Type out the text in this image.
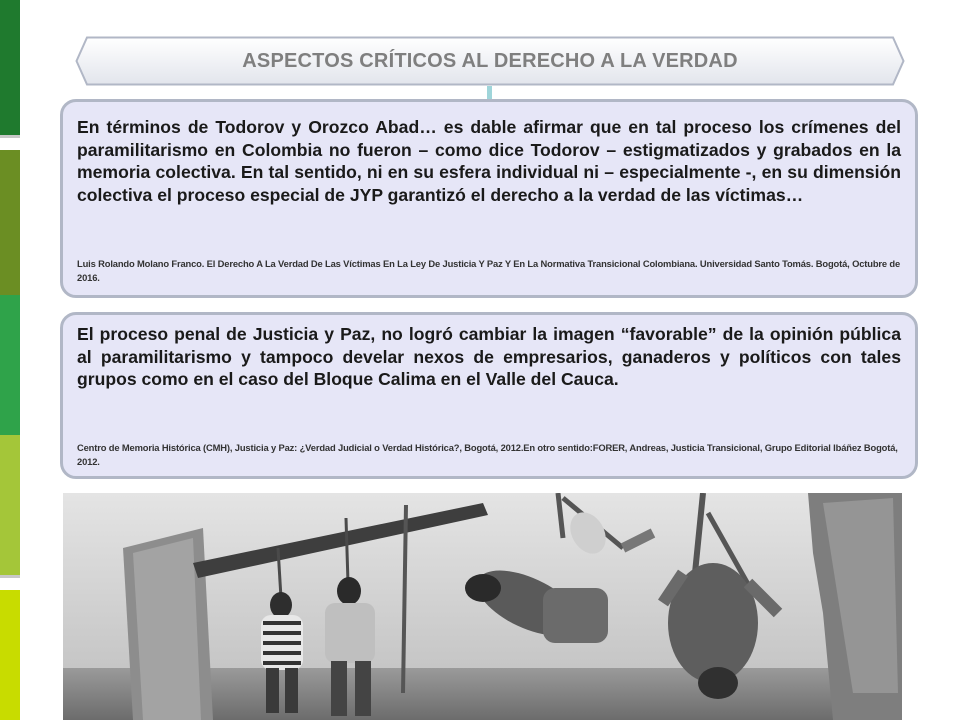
ASPECTOS CRÍTICOS AL DERECHO A LA VERDAD
En términos de Todorov y Orozco Abad… es dable afirmar que en tal proceso los crímenes del paramilitarismo en Colombia no fueron – como dice Todorov – estigmatizados y grabados en la memoria colectiva. En tal sentido, ni en su esfera individual ni – especialmente -, en su dimensión colectiva el proceso especial de JYP garantizó el derecho a la verdad de las víctimas…
Luis Rolando Molano Franco. El Derecho A La Verdad De Las Víctimas En La Ley De Justicia Y Paz Y En La Normativa Transicional Colombiana. Universidad Santo Tomás. Bogotá, Octubre de 2016.
El proceso penal de Justicia y Paz, no logró cambiar la imagen “favorable” de la opinión pública al paramilitarismo y tampoco develar nexos de empresarios, ganaderos y políticos con tales grupos como en el caso del Bloque Calima en el Valle del Cauca.
Centro de Memoria Histórica (CMH), Justicia y Paz: ¿Verdad Judicial o Verdad Histórica?, Bogotá, 2012.En otro sentido:FORER, Andreas, Justicia Transicional, Grupo Editorial Ibáñez Bogotá, 2012.
